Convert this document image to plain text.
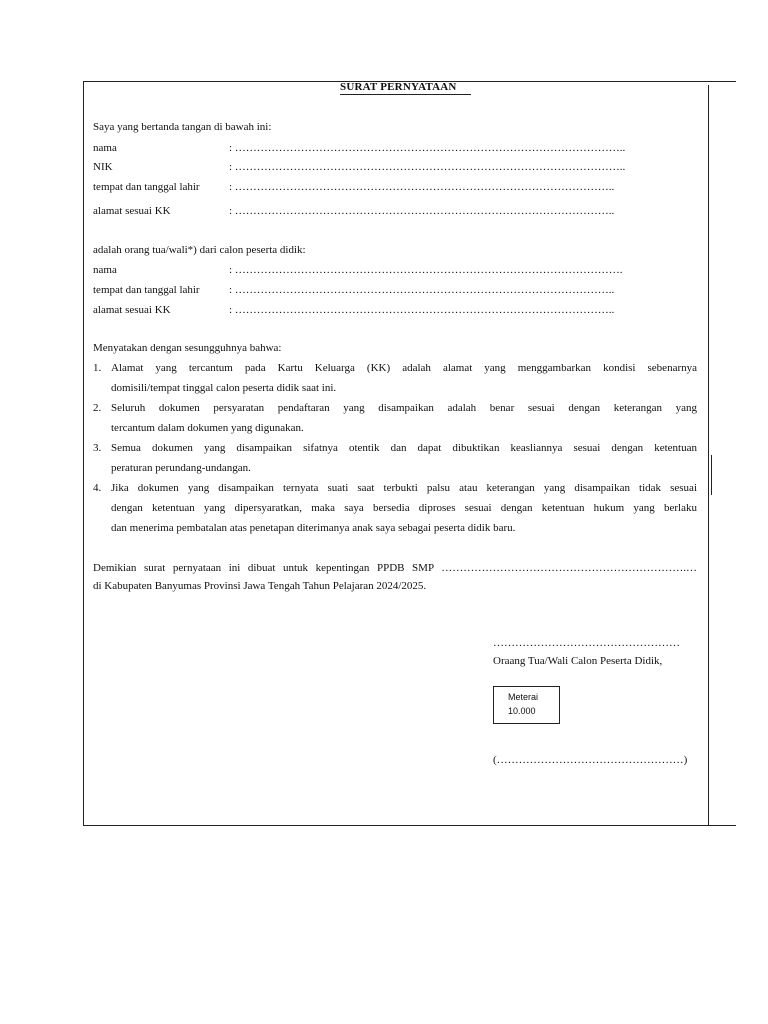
SURAT PERNYATAAN
Saya yang bertanda tangan di bawah ini:
nama	: ……………………………………………………………………………………………..
NIK	: ……………………………………………………………………………………………..
tempat dan tanggal lahir	: …………………………………………………………………………………………..
alamat sesuai KK	: …………………………………………………………………………………………..
adalah orang tua/wali*) dari calon peserta didik:
nama	: …………………………………………………………………………………………….
tempat dan tanggal lahir	: …………………………………………………………………………………………..
alamat sesuai KK	: …………………………………………………………………………………………..
Menyatakan dengan sesungguhnya bahwa:
1. Alamat yang tercantum pada Kartu Keluarga (KK) adalah alamat yang menggambarkan kondisi sebenarnya
domisili/tempat tinggal calon peserta didik saat ini.
2. Seluruh dokumen persyaratan pendaftaran yang disampaikan adalah benar sesuai dengan keterangan yang
tercantum dalam dokumen yang digunakan.
3. Semua dokumen yang disampaikan sifatnya otentik dan dapat dibuktikan keasliannya sesuai dengan ketentuan
peraturan perundang-undangan.
4. Jika dokumen yang disampaikan ternyata suati saat terbukti palsu atau keterangan yang disampaikan tidak sesuai
dengan ketentuan yang dipersyaratkan, maka saya bersedia diproses sesuai dengan ketentuan hukum yang berlaku
dan menerima pembatalan atas penetapan diterimanya anak saya sebagai peserta didik baru.
Demikian surat pernyataan ini dibuat untuk kepentingan PPDB SMP ………………………………………………………….…
di Kabupaten Banyumas Provinsi Jawa Tengah Tahun Pelajaran 2024/2025.
……………………………………………
Oraang Tua/Wali Calon Peserta Didik,
Meterai
10.000
(……………………………………………)
